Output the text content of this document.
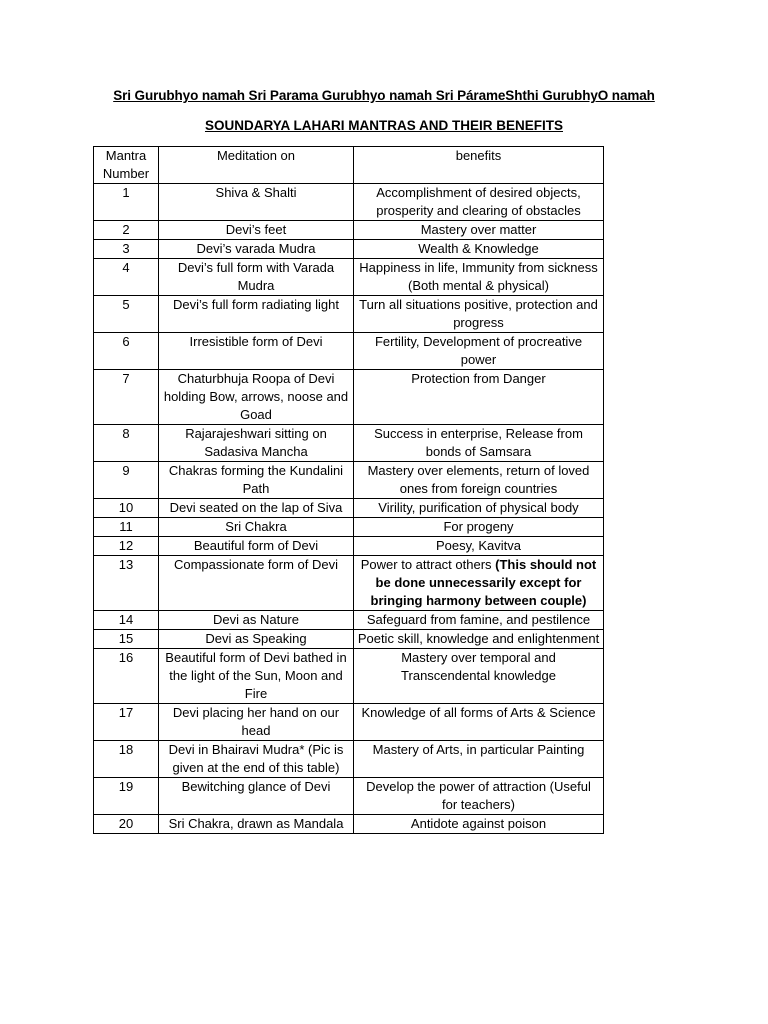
Sri Gurubhyo namah Sri Parama Gurubhyo namah Sri PárameShthi GurubhyO namah
SOUNDARYA LAHARI MANTRAS AND THEIR BENEFITS
Mantra Number	Meditation on	benefits
1	Shiva & Shalti	Accomplishment of desired objects, prosperity and clearing of obstacles
2	Devi’s feet	Mastery over matter
3	Devi’s varada Mudra	Wealth & Knowledge
4	Devi’s full form with Varada Mudra	Happiness in life, Immunity from sickness (Both mental & physical)
5	Devi’s full form radiating light	Turn all situations positive, protection and progress
6	Irresistible form of Devi	Fertility, Development of procreative power
7	Chaturbhuja Roopa of Devi holding Bow, arrows, noose and Goad	Protection from Danger
8	Rajarajeshwari sitting on Sadasiva Mancha	Success in enterprise, Release from bonds of Samsara
9	Chakras forming the Kundalini Path	Mastery over elements, return of loved ones from foreign countries
10	Devi seated on the lap of Siva	Virility, purification of physical body
11	Sri Chakra	For progeny
12	Beautiful form of Devi	Poesy, Kavitva
13	Compassionate form of Devi	Power to attract others (This should not be done unnecessarily except for bringing harmony between couple)
14	Devi as Nature	Safeguard from famine, and pestilence
15	Devi as Speaking	Poetic skill, knowledge and enlightenment
16	Beautiful form of Devi bathed in the light of the Sun, Moon and Fire	Mastery over temporal and Transcendental knowledge
17	Devi placing her hand on our head	Knowledge of all forms of Arts & Science
18	Devi in Bhairavi Mudra* (Pic is given at the end of this table)	Mastery of Arts, in particular Painting
19	Bewitching glance of Devi	Develop the power of attraction (Useful for teachers)
20	Sri Chakra, drawn as Mandala	Antidote against poison
